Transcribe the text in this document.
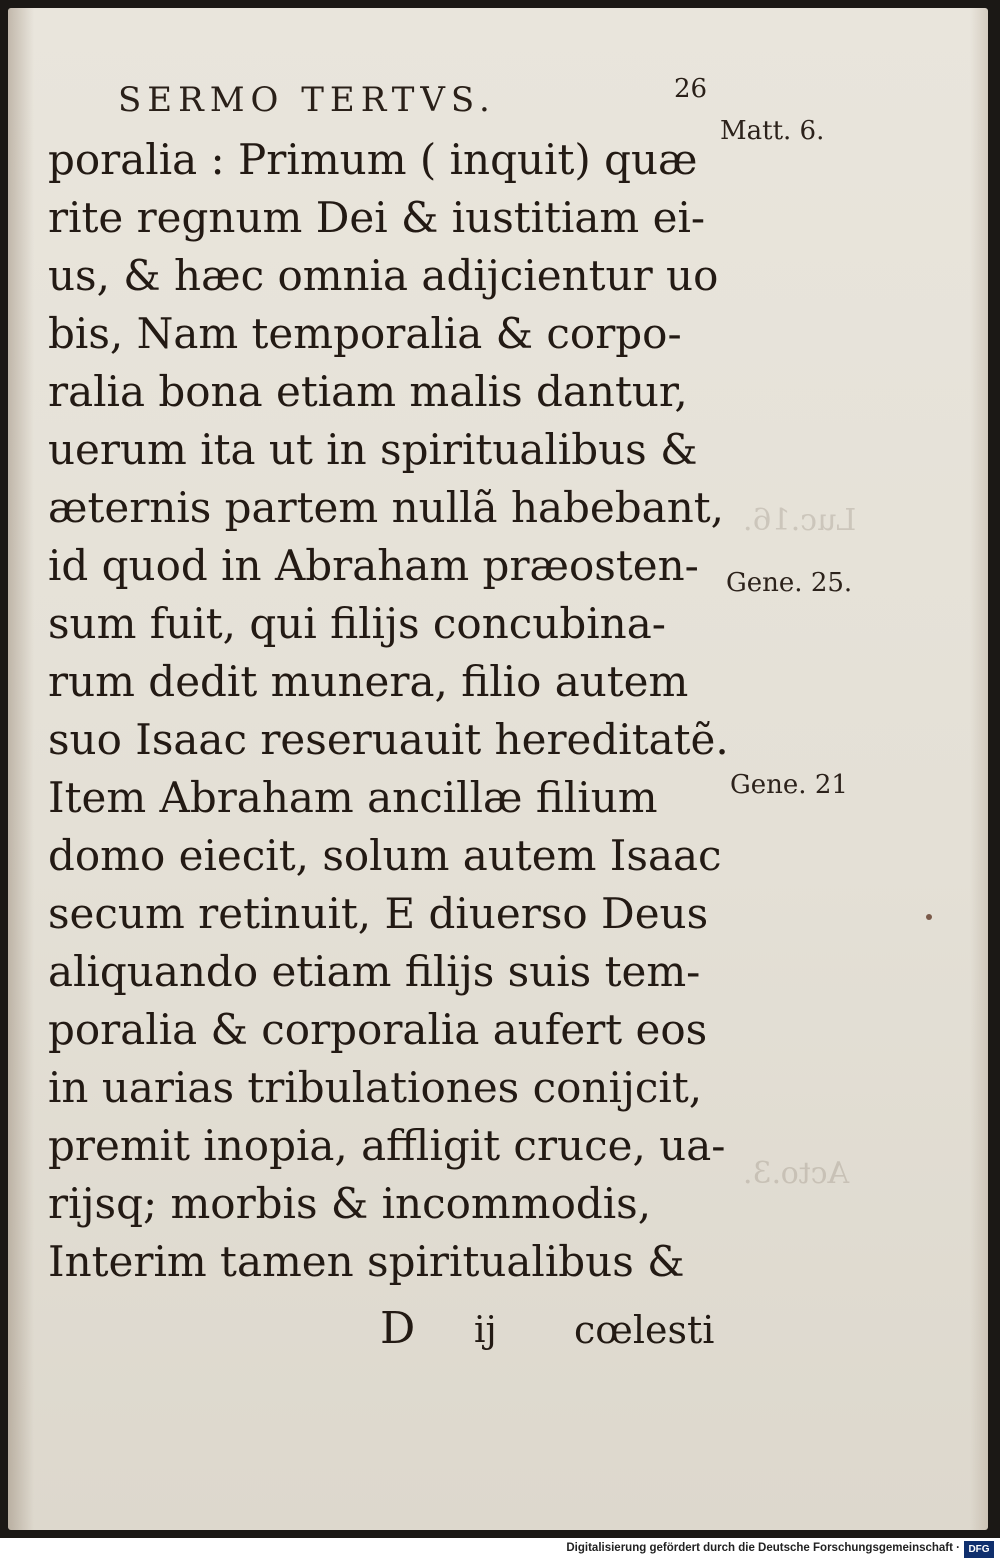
Luc.16.
Acto.3.
SERMO TERTVS.	26
poralia : Primum ( inquit) quæ
rite regnum Dei & iustitiam ei-
us, & hæc omnia adijcientur uo
bis, Nam temporalia & corpo-
ralia bona etiam malis dantur,
uerum ita ut in spiritualibus &
æternis partem nullã habebant,
id quod in Abraham præosten-
sum fuit, qui filijs concubina-
rum dedit munera, filio autem
suo Isaac reseruauit hereditatẽ.
Item Abraham ancillæ filium
domo eiecit, solum autem Isaac
secum retinuit, E diuerso Deus
aliquando etiam filijs suis tem-
poralia & corporalia aufert eos
in uarias tribulationes conijcit,
premit inopia, affligit cruce, ua-
rijsq; morbis & incommodis,
Interim tamen spiritualibus &
Matt. 6.
Gene. 25.
Gene. 21
D ij cœlesti
Digitalisierung gefördert durch die Deutsche Forschungsgemeinschaft · DFG
